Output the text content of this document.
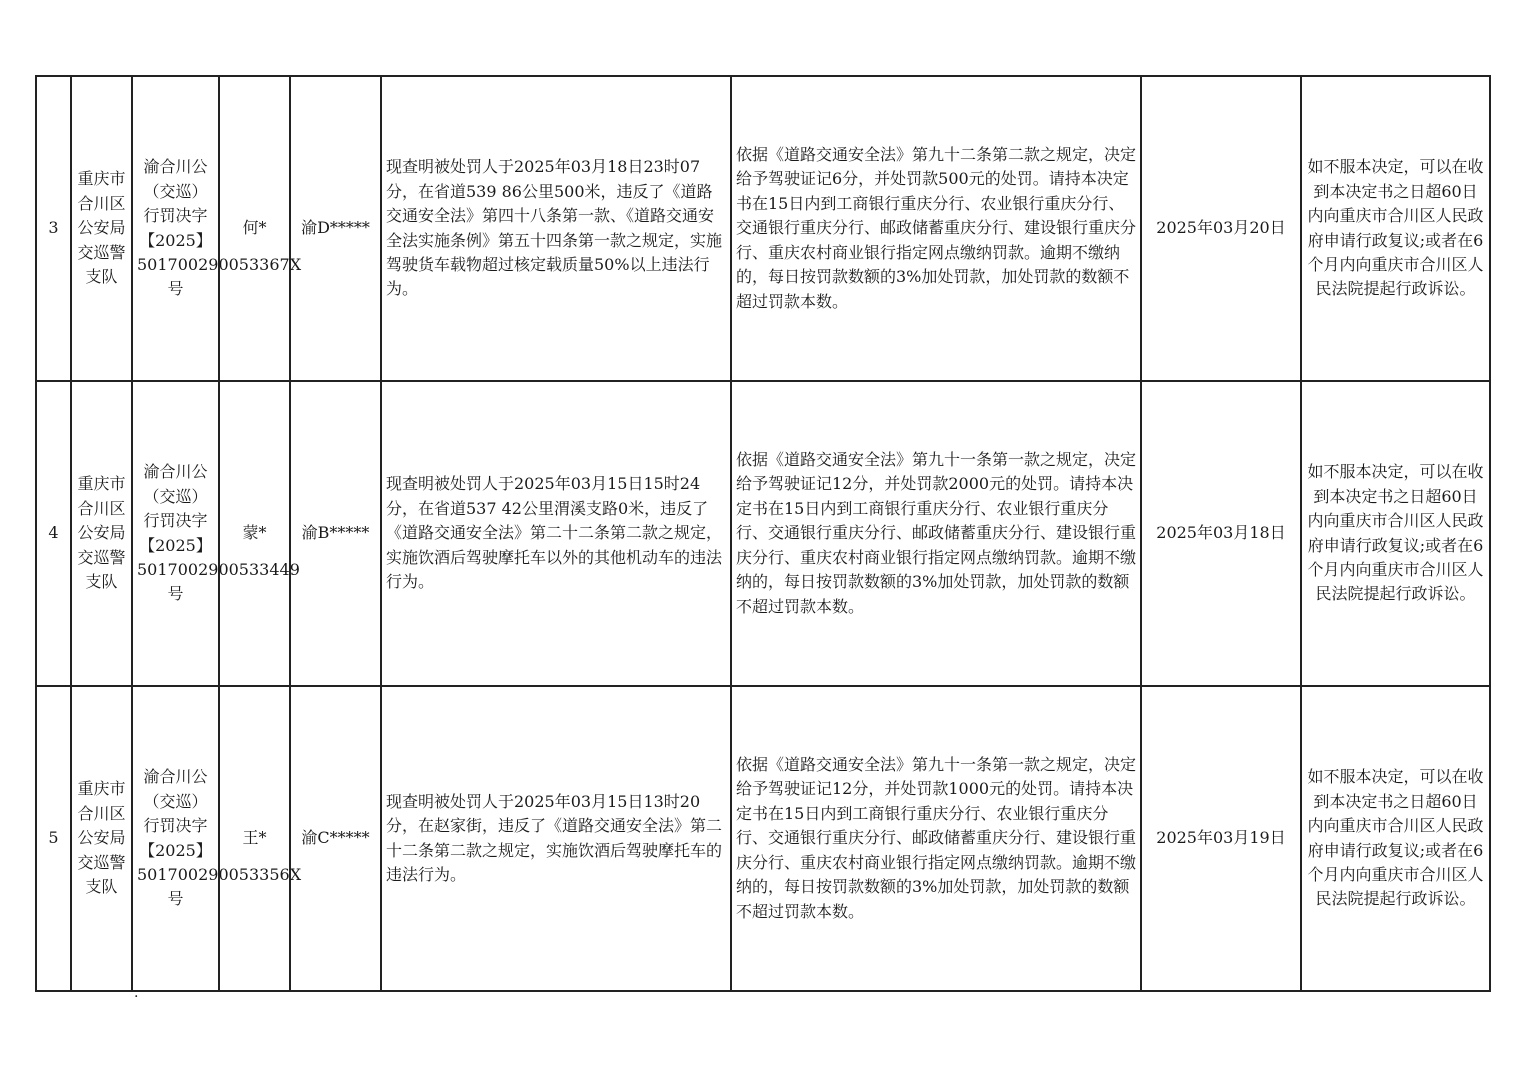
3	重庆市合川区公安局交巡警支队	渝合川公（交巡）行罚决字【2025】501700290053367X号	何*	渝D*****	现查明被处罚人于2025年03月18日23时07分，在省道539 86公里500米，违反了《道路交通安全法》第四十八条第一款、《道路交通安全法实施条例》第五十四条第一款之规定，实施驾驶货车载物超过核定载质量50%以上违法行为。	依据《道路交通安全法》第九十二条第二款之规定，决定给予驾驶证记6分，并处罚款500元的处罚。请持本决定书在15日内到工商银行重庆分行、农业银行重庆分行、交通银行重庆分行、邮政储蓄重庆分行、建设银行重庆分行、重庆农村商业银行指定网点缴纳罚款。逾期不缴纳的，每日按罚款数额的3%加处罚款，加处罚款的数额不超过罚款本数。	2025年03月20日	如不服本决定，可以在收到本决定书之日超60日内向重庆市合川区人民政府申请行政复议;或者在6个月内向重庆市合川区人民法院提起行政诉讼。
4	重庆市合川区公安局交巡警支队	渝合川公（交巡）行罚决字【2025】5017002900533449号	蒙*	渝B*****	现查明被处罚人于2025年03月15日15时24分，在省道537 42公里渭溪支路0米，违反了《道路交通安全法》第二十二条第二款之规定，实施饮酒后驾驶摩托车以外的其他机动车的违法行为。	依据《道路交通安全法》第九十一条第一款之规定，决定给予驾驶证记12分，并处罚款2000元的处罚。请持本决定书在15日内到工商银行重庆分行、农业银行重庆分行、交通银行重庆分行、邮政储蓄重庆分行、建设银行重庆分行、重庆农村商业银行指定网点缴纳罚款。逾期不缴纳的，每日按罚款数额的3%加处罚款，加处罚款的数额不超过罚款本数。	2025年03月18日	如不服本决定，可以在收到本决定书之日超60日内向重庆市合川区人民政府申请行政复议;或者在6个月内向重庆市合川区人民法院提起行政诉讼。
5	重庆市合川区公安局交巡警支队	渝合川公（交巡）行罚决字【2025】501700290053356X号	王*	渝C*****	现查明被处罚人于2025年03月15日13时20分，在赵家街，违反了《道路交通安全法》第二十二条第二款之规定，实施饮酒后驾驶摩托车的违法行为。	依据《道路交通安全法》第九十一条第一款之规定，决定给予驾驶证记12分，并处罚款1000元的处罚。请持本决定书在15日内到工商银行重庆分行、农业银行重庆分行、交通银行重庆分行、邮政储蓄重庆分行、建设银行重庆分行、重庆农村商业银行指定网点缴纳罚款。逾期不缴纳的，每日按罚款数额的3%加处罚款，加处罚款的数额不超过罚款本数。	2025年03月19日	如不服本决定，可以在收到本决定书之日超60日内向重庆市合川区人民政府申请行政复议;或者在6个月内向重庆市合川区人民法院提起行政诉讼。
.
